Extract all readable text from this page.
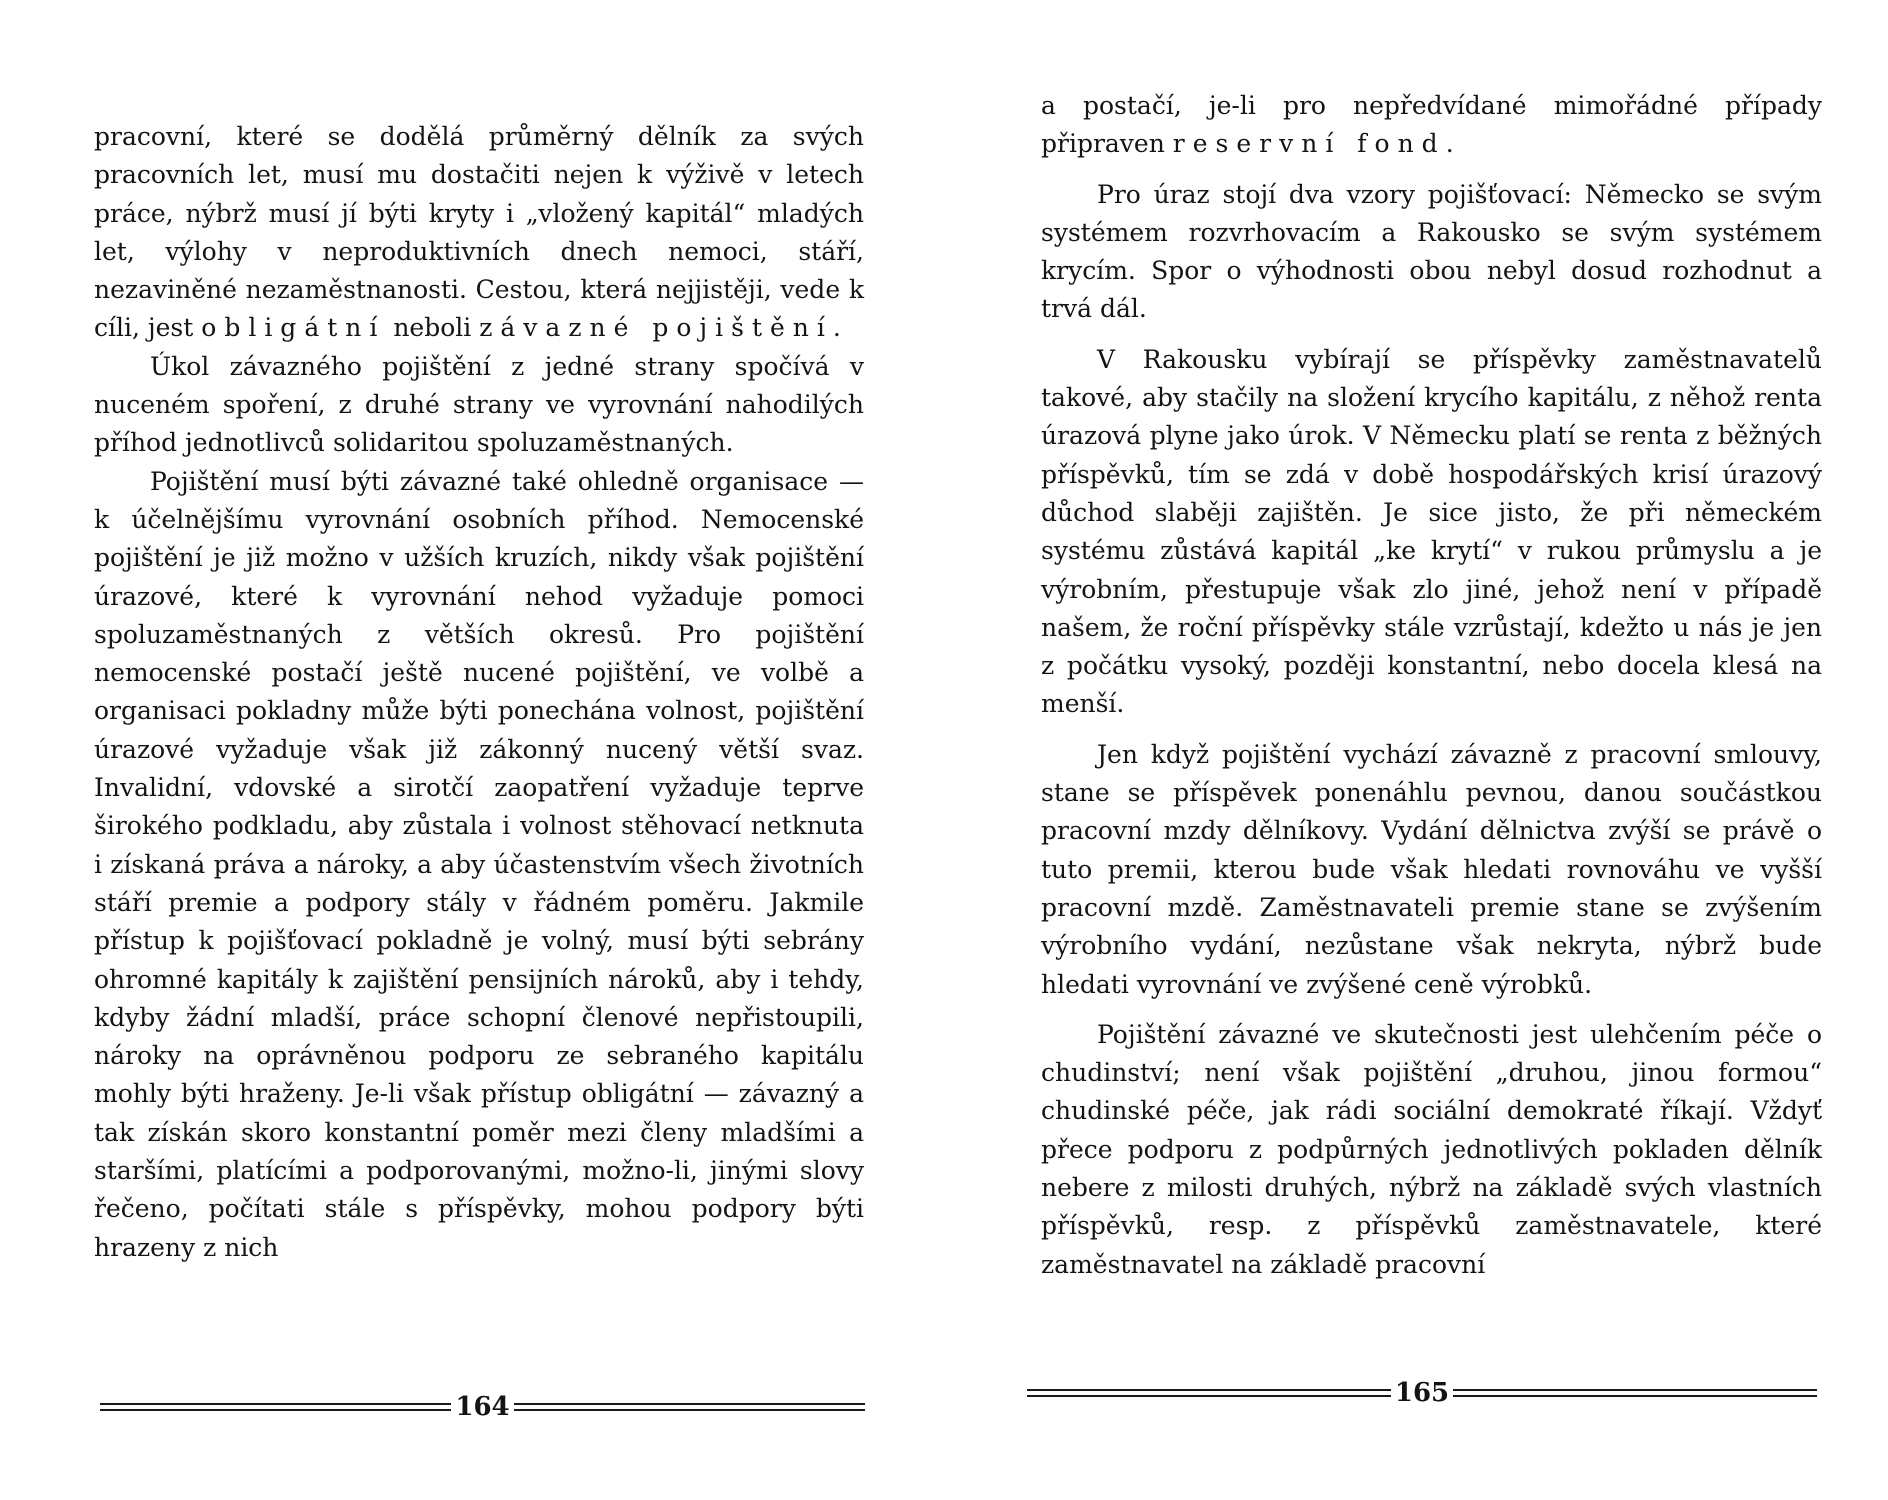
pracovní, které se dodělá průměrný dělník za svých pracovních let, musí mu dostačiti nejen k výživě v letech práce, nýbrž musí jí býti kryty i „vložený kapitál“ mladých let, výlohy v neproduktivních dnech nemoci, stáří, nezaviněné nezaměstnanosti. Cestou, která nejjistěji, vede k cíli, jest obligátní neboli závazné pojištění.

Úkol závazného pojištění z jedné strany spočívá v nuceném spoření, z druhé strany ve vyrovnání nahodilých příhod jednotlivců solidaritou spoluzaměstnaných.

Pojištění musí býti závazné také ohledně organisace — k účelnějšímu vyrovnání osobních příhod. Nemocenské pojištění je již možno v užších kruzích, nikdy však pojištění úrazové, které k vyrovnání nehod vyžaduje pomoci spoluzaměstnaných z větších okresů. Pro pojištění nemocenské postačí ještě nucené pojištění, ve volbě a organisaci pokladny může býti ponechána volnost, pojištění úrazové vyžaduje však již zákonný nucený větší svaz. Invalidní, vdovské a sirotčí zaopatření vyžaduje teprve širokého podkladu, aby zůstala i volnost stěhovací netknuta i získaná práva a nároky, a aby účastenstvím všech životních stáří premie a podpory stály v řádném poměru. Jakmile přístup k pojišťovací pokladně je volný, musí býti sebrány ohromné kapitály k zajištění pensijních nároků, aby i tehdy, kdyby žádní mladší, práce schopní členové nepřistoupili, nároky na oprávněnou podporu ze sebraného kapitálu mohly býti hraženy. Je-li však přístup obligátní — závazný a tak získán skoro konstantní poměr mezi členy mladšími a staršími, platícími a podporovanými, možno-li, jinými slovy řečeno, počítati stále s příspěvky, mohou podpory býti hrazeny z nich

164

a postačí, je-li pro nepředvídané mimořádné případy připraven reservní fond.

Pro úraz stojí dva vzory pojišťovací: Německo se svým systémem rozvrhovacím a Rakousko se svým systémem krycím. Spor o výhodnosti obou nebyl dosud rozhodnut a trvá dál.

V Rakousku vybírají se příspěvky zaměstnavatelů takové, aby stačily na složení krycího kapitálu, z něhož renta úrazová plyne jako úrok. V Německu platí se renta z běžných příspěvků, tím se zdá v době hospodářských krisí úrazový důchod slaběji zajištěn. Je sice jisto, že při německém systému zůstává kapitál „ke krytí“ v rukou průmyslu a je výrobním, přestupuje však zlo jiné, jehož není v případě našem, že roční příspěvky stále vzrůstají, kdežto u nás je jen z počátku vysoký, později konstantní, nebo docela klesá na menší.

Jen když pojištění vychází závazně z pracovní smlouvy, stane se příspěvek ponenáhlu pevnou, danou součástkou pracovní mzdy dělníkovy. Vydání dělnictva zvýší se právě o tuto premii, kterou bude však hledati rovnováhu ve vyšší pracovní mzdě. Zaměstnavateli premie stane se zvýšením výrobního vydání, nezůstane však nekryta, nýbrž bude hledati vyrovnání ve zvýšené ceně výrobků.

Pojištění závazné ve skutečnosti jest ulehčením péče o chudinství; není však pojištění „druhou, jinou formou“ chudinské péče, jak rádi sociální demokraté říkají. Vždyť přece podporu z podpůrných jednotlivých pokladen dělník nebere z milosti druhých, nýbrž na základě svých vlastních příspěvků, resp. z příspěvků zaměstnavatele, které zaměstnavatel na základě pracovní

165
